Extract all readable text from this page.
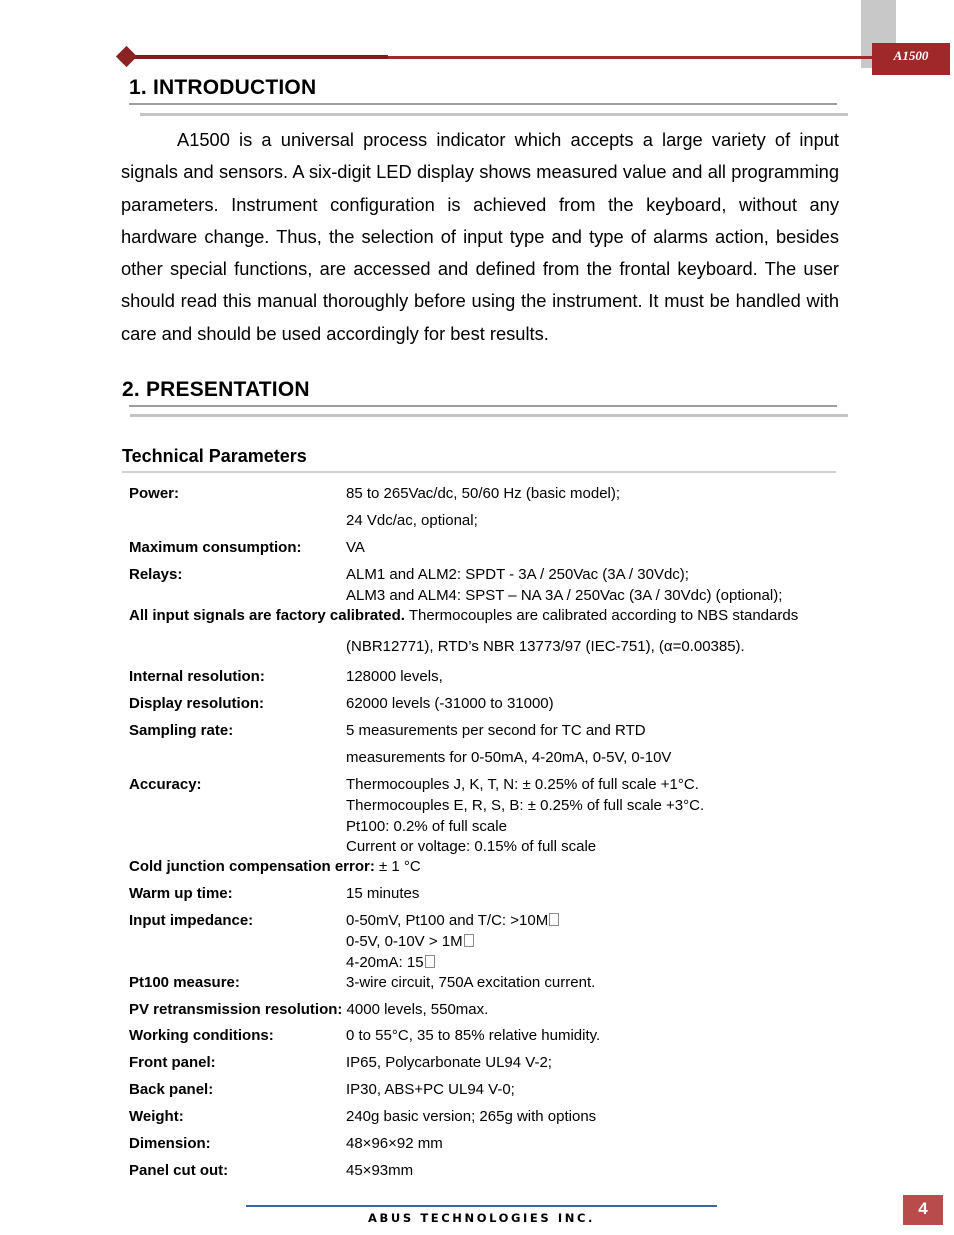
A1500
1. INTRODUCTION

A1500 is a universal process indicator which accepts a large variety of input signals and sensors. A six-digit LED display shows measured value and all programming parameters. Instrument configuration is achieved from the keyboard, without any hardware change. Thus, the selection of input type and type of alarms action, besides other special functions, are accessed and defined from the frontal keyboard. The user should read this manual thoroughly before using the instrument. It must be handled with care and should be used accordingly for best results.

2. PRESENTATION
Technical Parameters
Power:	85 to 265Vac/dc, 50/60 Hz (basic model);
24 Vdc/ac, optional;
Maximum consumption:	VA
Relays:	ALM1 and ALM2: SPDT - 3A / 250Vac (3A / 30Vdc);
ALM3 and ALM4: SPST – NA 3A / 250Vac (3A / 30Vdc) (optional);
All input signals are factory calibrated. Thermocouples are calibrated according to NBS standards
(NBR12771), RTD’s NBR 13773/97 (IEC-751), (α=0.00385).
Internal resolution:	128000 levels,
Display resolution:	62000 levels (-31000 to 31000)
Sampling rate:	5 measurements per second for TC and RTD
measurements for 0-50mA, 4-20mA, 0-5V, 0-10V
Accuracy:	Thermocouples J, K, T, N: ± 0.25% of full scale +1°C.
Thermocouples E, R, S, B: ± 0.25% of full scale +3°C.
Pt100: 0.2% of full scale
Current or voltage: 0.15% of full scale
Cold junction compensation error: ± 1 °C
Warm up time:	15 minutes
Input impedance:	0-50mV, Pt100 and T/C: >10M
0-5V, 0-10V > 1M
4-20mA: 15
Pt100 measure:	3-wire circuit, 750A excitation current.
PV retransmission resolution: 4000 levels, 550max.
Working conditions:	0 to 55°C, 35 to 85% relative humidity.
Front panel:	IP65, Polycarbonate UL94 V-2;
Back panel:	IP30, ABS+PC UL94 V-0;
Weight:	240g basic version; 265g with options
Dimension:	48×96×92 mm
Panel cut out:	45×93mm
ABUS TECHNOLOGIES INC.	4
